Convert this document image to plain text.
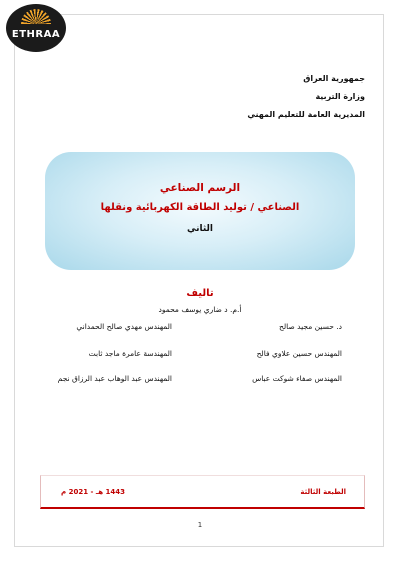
ETHRAA
جمهورية العراق
وزارة التربية
المديرية العامة للتعليم المهني
الرسم الصناعي
الصناعي / توليد الطاقة الكهربائية ونقلها
الثاني
تاليف
أ.م. د ضاري يوسف محمود
د. حسين مجيد صالح
المهندس مهدي صالح الحمداني
المهندس حسين علاوي فالح
المهندسة عامرة ماجد ثابت
المهندس صفاء شوكت عباس
المهندس عبد الوهاب عبد الرزاق نجم
الطبعة الثالثة
1443 هـ - 2021 م
1
